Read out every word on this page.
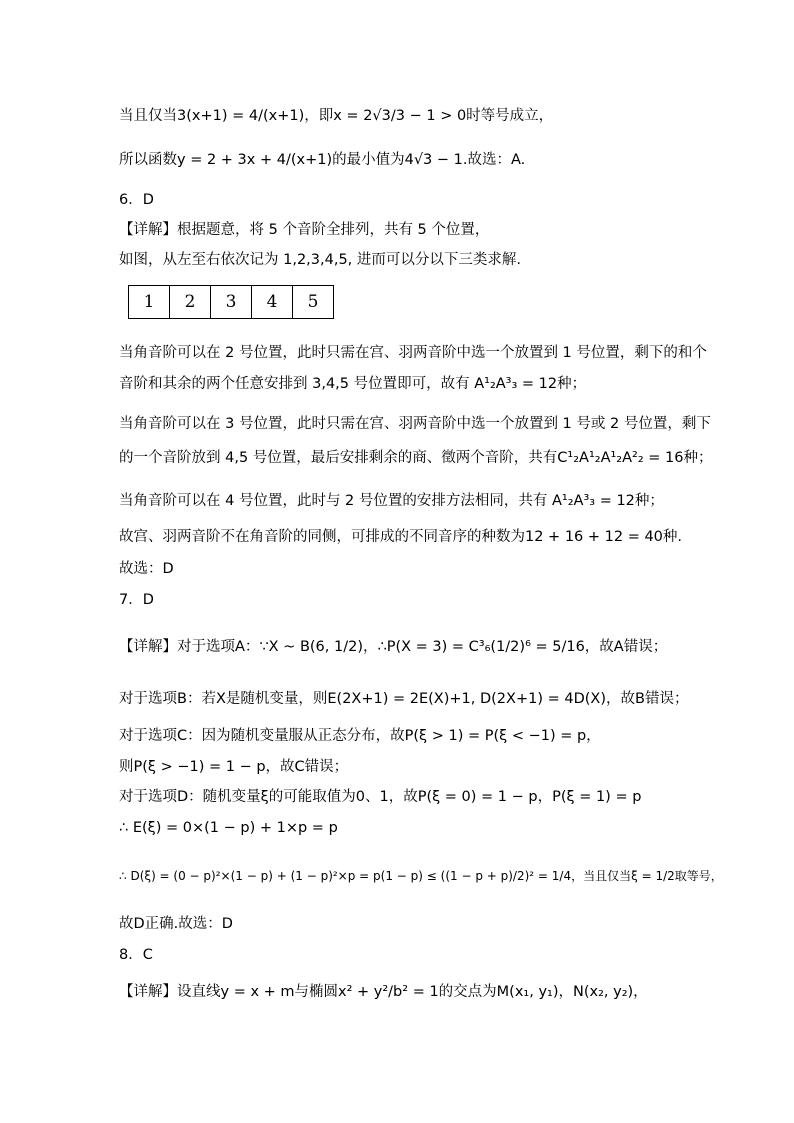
当且仅当3(x+1) = 4/(x+1)，即x = 2√3/3 − 1 > 0时等号成立，
所以函数y = 2 + 3x + 4/(x+1)的最小值为4√3 − 1.故选：A.
6．D
【详解】根据题意，将 5 个音阶全排列，共有 5 个位置，
如图，从左至右依次记为 1,2,3,4,5, 进而可以分以下三类求解.
1	2	3	4	5
当角音阶可以在 2 号位置，此时只需在宫、羽两音阶中选一个放置到 1 号位置，剩下的和个
音阶和其余的两个任意安排到 3,4,5 号位置即可，故有 A¹₂A³₃ = 12种；
当角音阶可以在 3 号位置，此时只需在宫、羽两音阶中选一个放置到 1 号或 2 号位置，剩下
的一个音阶放到 4,5 号位置，最后安排剩余的商、徵两个音阶，共有C¹₂A¹₂A¹₂A²₂ = 16种；
当角音阶可以在 4 号位置，此时与 2 号位置的安排方法相同，共有 A¹₂A³₃ = 12种；
故宫、羽两音阶不在角音阶的同侧，可排成的不同音序的种数为12 + 16 + 12 = 40种.
故选：D
7．D
【详解】对于选项A：∵X ~ B(6, 1/2)，∴P(X = 3) = C³₆(1/2)⁶ = 5/16，故A错误；
对于选项B：若X是随机变量，则E(2X+1) = 2E(X)+1, D(2X+1) = 4D(X)，故B错误；
对于选项C：因为随机变量服从正态分布，故P(ξ > 1) = P(ξ < −1) = p，
则P(ξ > −1) = 1 − p，故C错误；
对于选项D：随机变量ξ的可能取值为0、1，故P(ξ = 0) = 1 − p，P(ξ = 1) = p
∴ E(ξ) = 0×(1 − p) + 1×p = p
∴ D(ξ) = (0 − p)²×(1 − p) + (1 − p)²×p = p(1 − p) ≤ ((1 − p + p)/2)² = 1/4，当且仅当ξ = 1/2取等号，
故D正确.故选：D
8．C
【详解】设直线y = x + m与椭圆x² + y²/b² = 1的交点为M(x₁, y₁)，N(x₂, y₂)，
